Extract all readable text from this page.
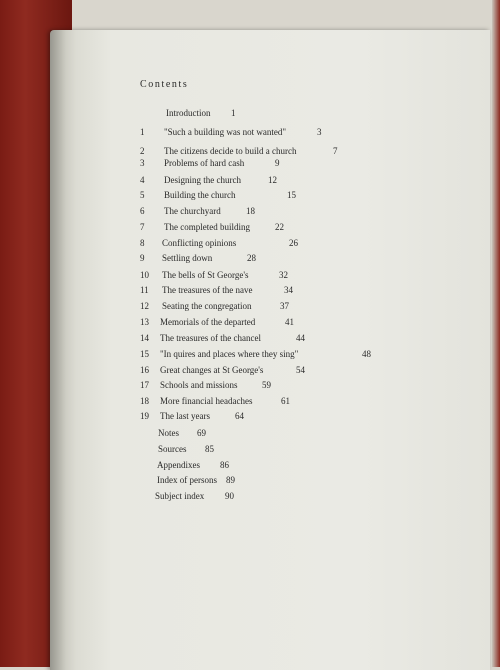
Contents
Introduction 1
1 "Such a building was not wanted"	3
2 The citizens decide to build a church	7
3 Problems of hard cash	9
4 Designing the church	12
5 Building the church	15
6 The churchyard	18
7 The completed building	22
8 Conflicting opinions	26
9 Settling down	28
10 The bells of St George's	32
11 The treasures of the nave	34
12 Seating the congregation	37
13 Memorials of the departed	41
14 The treasures of the chancel	44
15 "In quires and places where they sing"	48
16 Great changes at St George's	54
17 Schools and missions	59
18 More financial headaches	61
19 The last years	64
Notes 69
Sources 85
Appendixes 86
Index of persons 89
Subject index 90
